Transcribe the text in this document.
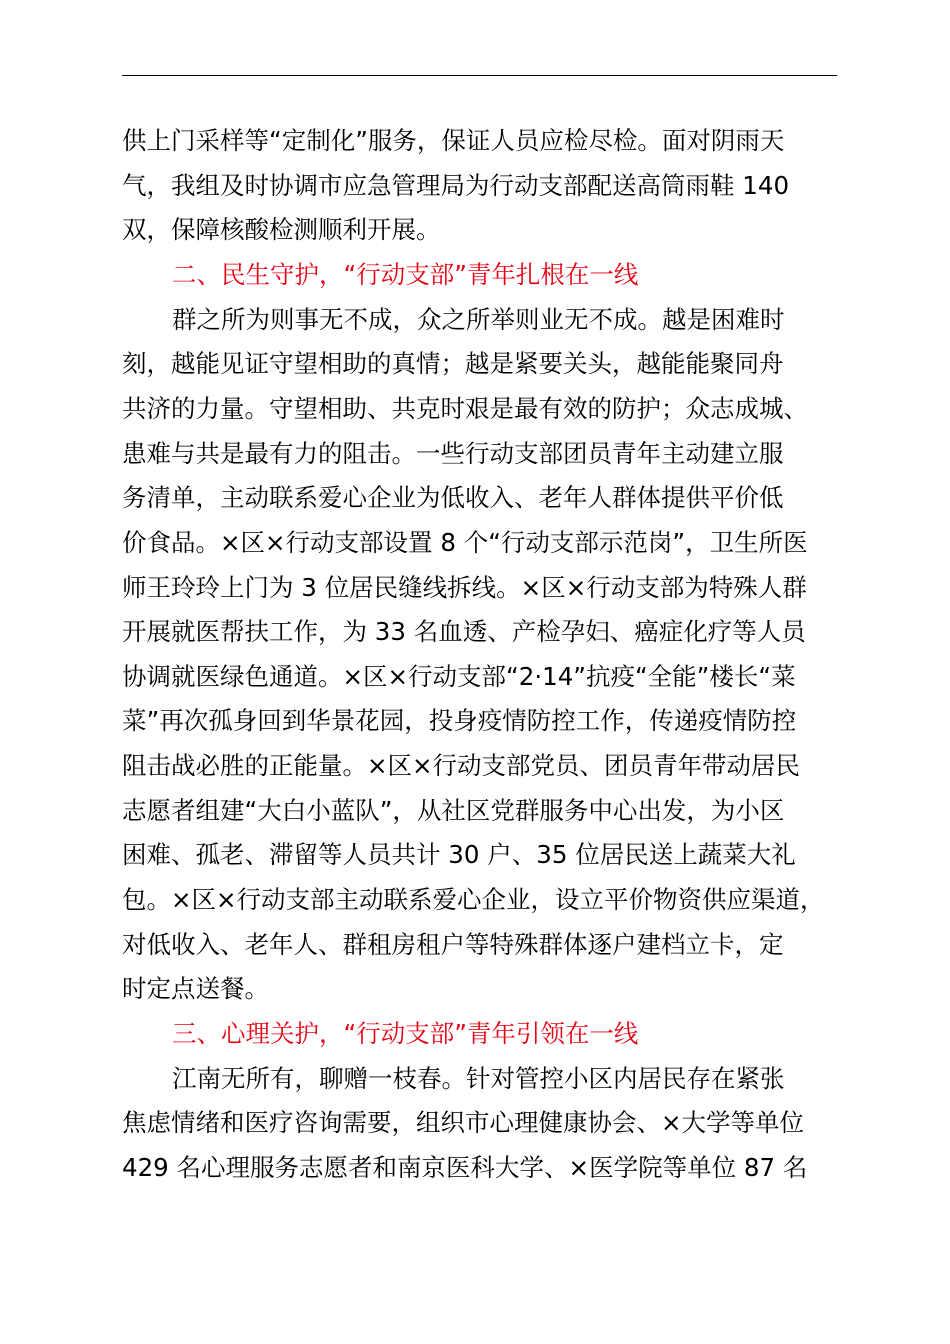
供上门采样等“定制化”服务，保证人员应检尽检。面对阴雨天
气，我组及时协调市应急管理局为行动支部配送高筒雨鞋 140
双，保障核酸检测顺利开展。
二、民生守护，“行动支部”青年扎根在一线
群之所为则事无不成，众之所举则业无不成。越是困难时
刻，越能见证守望相助的真情；越是紧要关头，越能能聚同舟
共济的力量。守望相助、共克时艰是最有效的防护；众志成城、
患难与共是最有力的阻击。一些行动支部团员青年主动建立服
务清单，主动联系爱心企业为低收入、老年人群体提供平价低
价食品。×区×行动支部设置 8 个“行动支部示范岗”，卫生所医
师王玲玲上门为 3 位居民缝线拆线。×区×行动支部为特殊人群
开展就医帮扶工作，为 33 名血透、产检孕妇、癌症化疗等人员
协调就医绿色通道。×区×行动支部“2·14”抗疫“全能”楼长“菜
菜”再次孤身回到华景花园，投身疫情防控工作，传递疫情防控
阻击战必胜的正能量。×区×行动支部党员、团员青年带动居民
志愿者组建“大白小蓝队”，从社区党群服务中心出发，为小区
困难、孤老、滞留等人员共计 30 户、35 位居民送上蔬菜大礼
包。×区×行动支部主动联系爱心企业，设立平价物资供应渠道，
对低收入、老年人、群租房租户等特殊群体逐户建档立卡，定
时定点送餐。
三、心理关护，“行动支部”青年引领在一线
江南无所有，聊赠一枝春。针对管控小区内居民存在紧张
焦虑情绪和医疗咨询需要，组织市心理健康协会、×大学等单位
429 名心理服务志愿者和南京医科大学、×医学院等单位 87 名
